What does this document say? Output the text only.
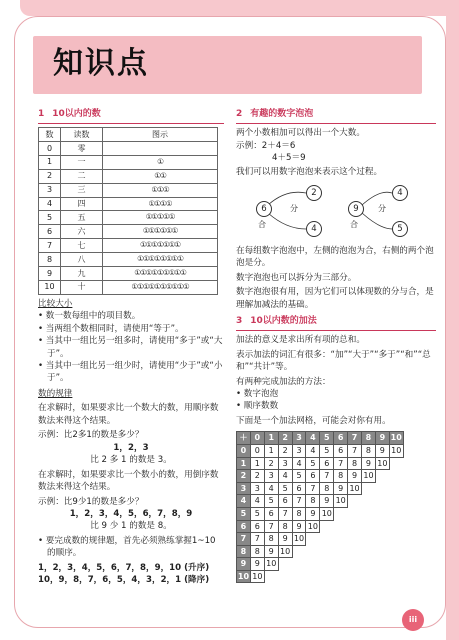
知识点
1 10以内的数
数	读数	图示
0	零	
1	一	①
2	二	①①
3	三	①①①
4	四	①①①①
5	五	①①①①①
6	六	①①①①①①
7	七	①①①①①①①
8	八	①①①①①①①①
9	九	①①①①①①①①①
10	十	①①①①①①①①①①
比较大小
• 数一数每组中的项目数。
• 当两组个数相同时，请使用“等于”。
• 当其中一组比另一组多时，请使用“多于”或“大于”。
• 当其中一组比另一组少时，请使用“少于”或“小于”。
数的规律
在求解时，如果要求比一个数大的数，用顺序数数法来得这个结果。
示例：比2多1的数是多少？
1，2，3
比 2 多 1 的数是 3。
在求解时，如果要求比一个数小的数，用倒序数数法来得这个结果。
示例：比9少1的数是多少？
1，2，3，4，5，6，7，8，9
比 9 少 1 的数是 8。
• 要完成数的规律题，首先必须熟练掌握1~10的顺序。
1，2，3，4，5，6，7，8，9，10 (升序)
10，9，8，7，6，5，4，3，2，1 (降序)
2 有趣的数字泡泡
两个小数相加可以得出一个大数。
示例：2＋4＝6
4＋5＝9
我们可以用数字泡泡来表示这个过程。
6
2
4
合
分	9
4
5
合
分
在每组数字泡泡中，左侧的泡泡为合，右侧的两个泡泡是分。
数字泡泡也可以拆分为三部分。
数字泡泡很有用，因为它们可以体现数的分与合，是理解加减法的基础。
3 10以内数的加法
加法的意义是求出所有项的总和。
表示加法的词汇有很多：“加”“大于”“多于”“和”“总和”“共计”等。
有两种完成加法的方法：
• 数字泡泡
• 顺序数数
下面是一个加法网格，可能会对你有用。
＋	0	1	2	3	4	5	6	7	8	9	10
0	0	1	2	3	4	5	6	7	8	9	10
1	1	2	3	4	5	6	7	8	9	10	
2	2	3	4	5	6	7	8	9	10		
3	3	4	5	6	7	8	9	10			
4	4	5	6	7	8	9	10				
5	5	6	7	8	9	10					
6	6	7	8	9	10						
7	7	8	9	10							
8	8	9	10								
9	9	10									
10	10										
iii
